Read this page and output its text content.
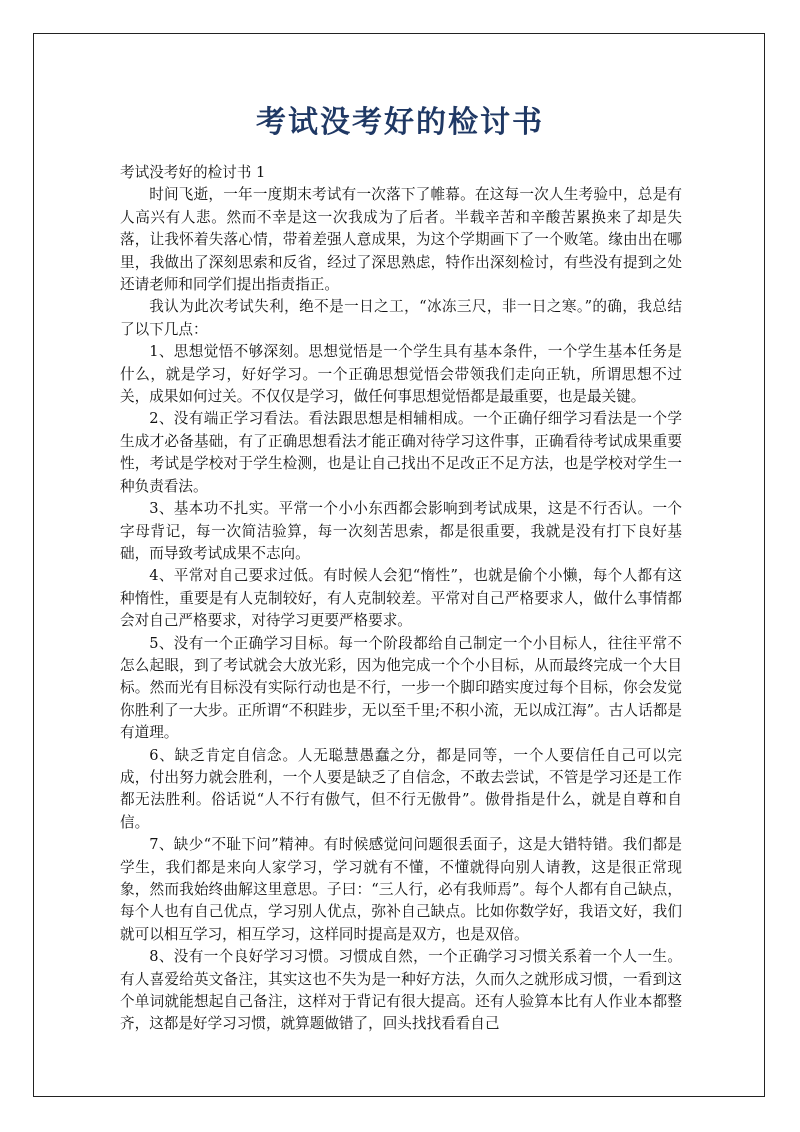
考试没考好的检讨书

考试没考好的检讨书 1

时间飞逝，一年一度期末考试有一次落下了帷幕。在这每一次人生考验中，总是有人高兴有人悲。然而不幸是这一次我成为了后者。半载辛苦和辛酸苦累换来了却是失落，让我怀着失落心情，带着差强人意成果，为这个学期画下了一个败笔。缘由出在哪里，我做出了深刻思索和反省，经过了深思熟虑，特作出深刻检讨，有些没有提到之处还请老师和同学们提出指责指正。

我认为此次考试失利，绝不是一日之工，“冰冻三尺，非一日之寒。”的确，我总结了以下几点：

1、思想觉悟不够深刻。思想觉悟是一个学生具有基本条件，一个学生基本任务是什么，就是学习，好好学习。一个正确思想觉悟会带领我们走向正轨，所谓思想不过关，成果如何过关。不仅仅是学习，做任何事思想觉悟都是最重要，也是最关键。

2、没有端正学习看法。看法跟思想是相辅相成。一个正确仔细学习看法是一个学生成才必备基础，有了正确思想看法才能正确对待学习这件事，正确看待考试成果重要性，考试是学校对于学生检测，也是让自己找出不足改正不足方法，也是学校对学生一种负责看法。

3、基本功不扎实。平常一个小小东西都会影响到考试成果，这是不行否认。一个字母背记，每一次简洁验算，每一次刻苦思索，都是很重要，我就是没有打下良好基础，而导致考试成果不志向。

4、平常对自己要求过低。有时候人会犯“惰性”，也就是偷个小懒，每个人都有这种惰性，重要是有人克制较好，有人克制较差。平常对自己严格要求人，做什么事情都会对自己严格要求，对待学习更要严格要求。

5、没有一个正确学习目标。每一个阶段都给自己制定一个小目标人，往往平常不怎么起眼，到了考试就会大放光彩，因为他完成一个个小目标，从而最终完成一个大目标。然而光有目标没有实际行动也是不行，一步一个脚印踏实度过每个目标，你会发觉你胜利了一大步。正所谓“不积跬步，无以至千里;不积小流，无以成江海”。古人话都是有道理。

6、缺乏肯定自信念。人无聪慧愚蠢之分，都是同等，一个人要信任自己可以完成，付出努力就会胜利，一个人要是缺乏了自信念，不敢去尝试，不管是学习还是工作都无法胜利。俗话说“人不行有傲气，但不行无傲骨”。傲骨指是什么，就是自尊和自信。

7、缺少“不耻下问”精神。有时候感觉问问题很丢面子，这是大错特错。我们都是学生，我们都是来向人家学习，学习就有不懂，不懂就得向别人请教，这是很正常现象，然而我始终曲解这里意思。子曰：“三人行，必有我师焉”。每个人都有自己缺点，每个人也有自己优点，学习别人优点，弥补自己缺点。比如你数学好，我语文好，我们就可以相互学习，相互学习，这样同时提高是双方，也是双倍。

8、没有一个良好学习习惯。习惯成自然，一个正确学习习惯关系着一个人一生。有人喜爱给英文备注，其实这也不失为是一种好方法，久而久之就形成习惯，一看到这个单词就能想起自己备注，这样对于背记有很大提高。还有人验算本比有人作业本都整齐，这都是好学习习惯，就算题做错了，回头找找看看自己
